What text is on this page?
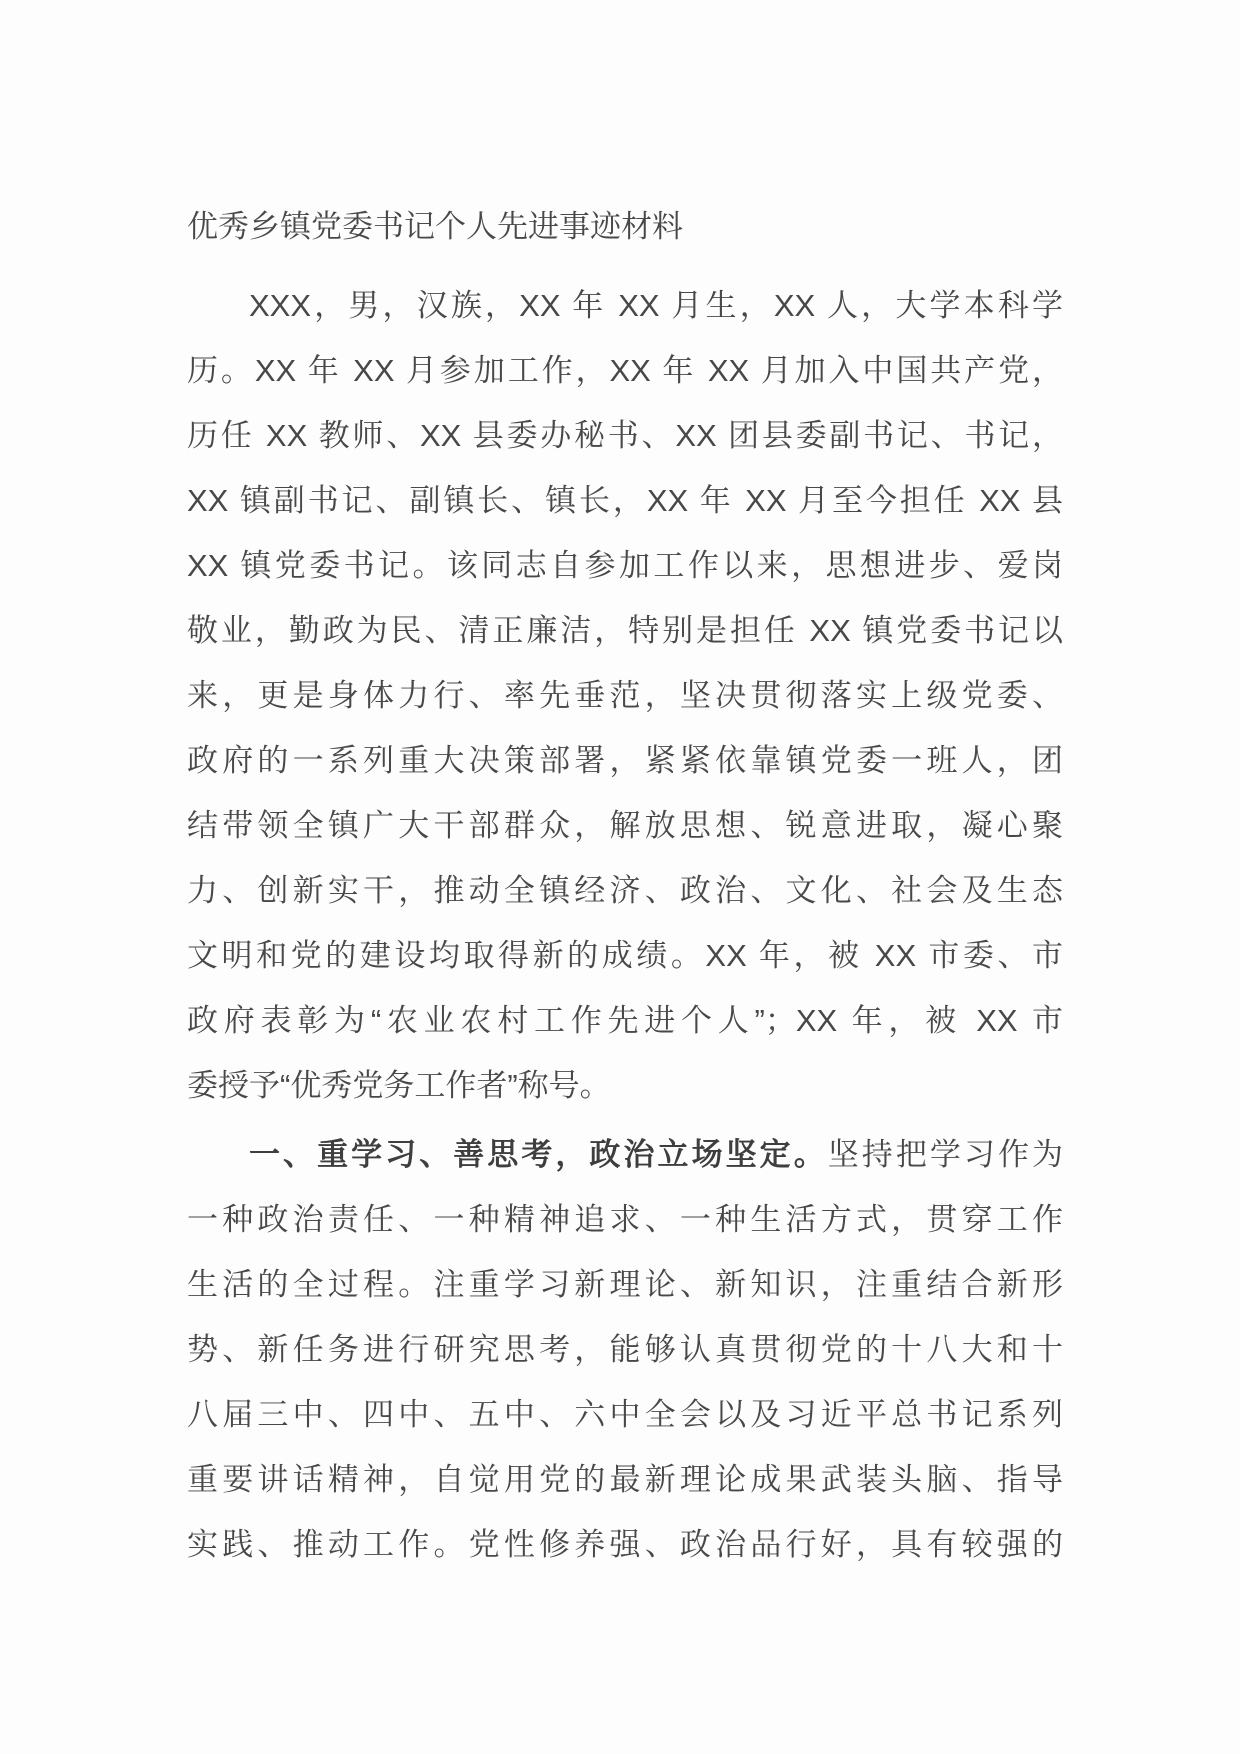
优秀乡镇党委书记个人先进事迹材料
XXX，男，汉族，XX 年 XX 月生，XX 人，大学本科学
历。XX 年 XX 月参加工作，XX 年 XX 月加入中国共产党，
历任 XX 教师、XX 县委办秘书、XX 团县委副书记、书记，
XX 镇副书记、副镇长、镇长，XX 年 XX 月至今担任 XX 县
XX 镇党委书记。该同志自参加工作以来，思想进步、爱岗
敬业，勤政为民、清正廉洁，特别是担任 XX 镇党委书记以
来，更是身体力行、率先垂范，坚决贯彻落实上级党委、
政府的一系列重大决策部署，紧紧依靠镇党委一班人，团
结带领全镇广大干部群众，解放思想、锐意进取，凝心聚
力、创新实干，推动全镇经济、政治、文化、社会及生态
文明和党的建设均取得新的成绩。XX 年，被 XX 市委、市
政府表彰为“农业农村工作先进个人”；XX 年，被 XX 市
委授予“优秀党务工作者”称号。
一、重学习、善思考，政治立场坚定。坚持把学习作为
一种政治责任、一种精神追求、一种生活方式，贯穿工作
生活的全过程。注重学习新理论、新知识，注重结合新形
势、新任务进行研究思考，能够认真贯彻党的十八大和十
八届三中、四中、五中、六中全会以及习近平总书记系列
重要讲话精神，自觉用党的最新理论成果武装头脑、指导
实践、推动工作。党性修养强、政治品行好，具有较强的
